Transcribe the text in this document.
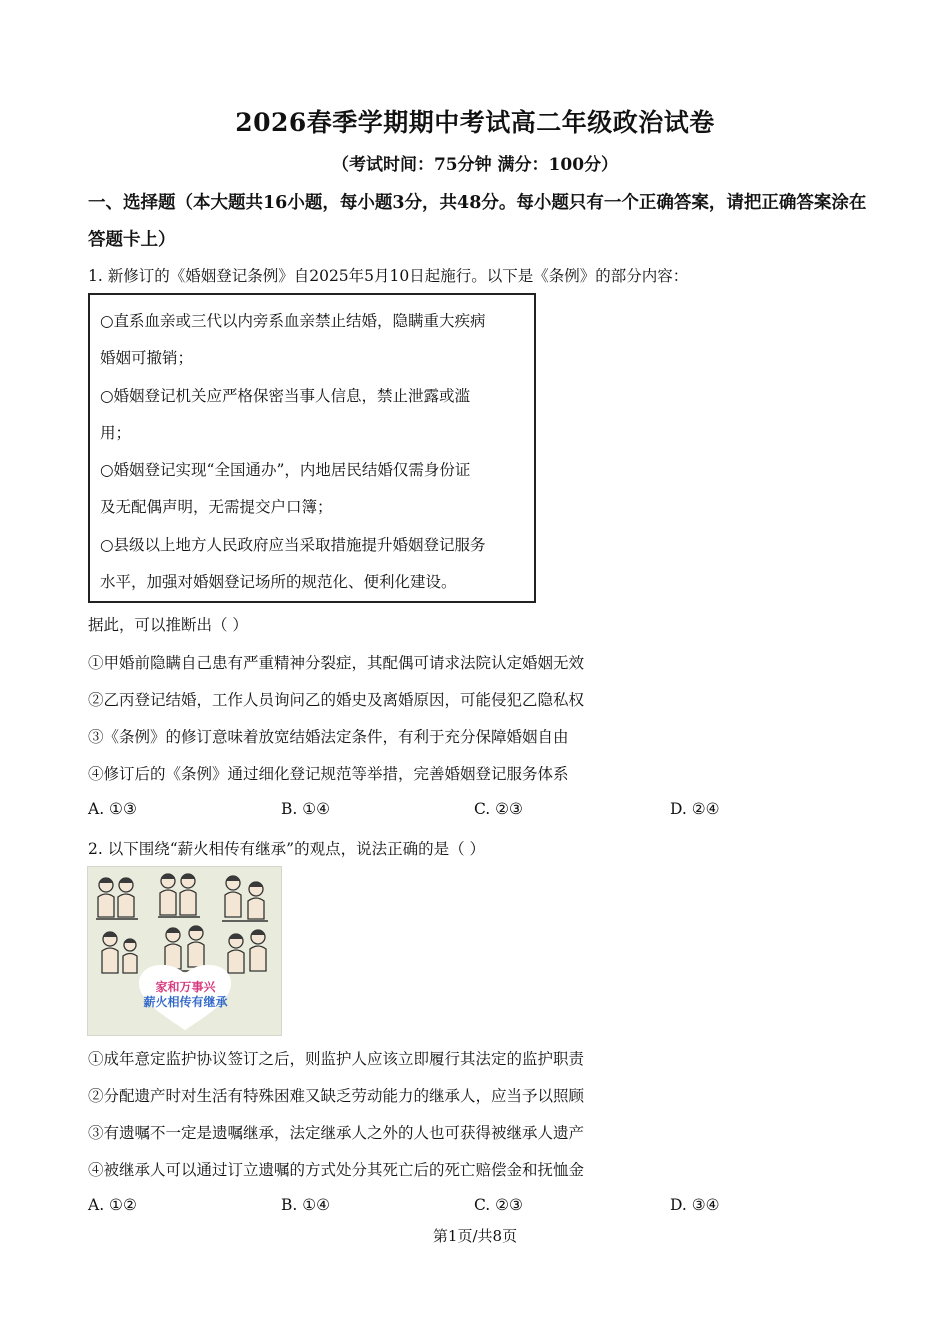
2026春季学期期中考试高二年级政治试卷
（考试时间：75分钟 满分：100分）
一、选择题（本大题共16小题，每小题3分，共48分。每小题只有一个正确答案，请把正确答案涂在答题卡上）
1. 新修订的《婚姻登记条例》自2025年5月10日起施行。以下是《条例》的部分内容：

○直系血亲或三代以内旁系血亲禁止结婚，隐瞒重大疾病

婚姻可撤销；

○婚姻登记机关应严格保密当事人信息，禁止泄露或滥

用；

○婚姻登记实现“全国通办”，内地居民结婚仅需身份证

及无配偶声明，无需提交户口簿；

○县级以上地方人民政府应当采取措施提升婚姻登记服务

水平，加强对婚姻登记场所的规范化、便利化建设。

据此，可以推断出（ ）
①甲婚前隐瞒自己患有严重精神分裂症，其配偶可请求法院认定婚姻无效
②乙丙登记结婚，工作人员询问乙的婚史及离婚原因，可能侵犯乙隐私权
③《条例》的修订意味着放宽结婚法定条件，有利于充分保障婚姻自由
④修订后的《条例》通过细化登记规范等举措，完善婚姻登记服务体系
A. ①③	B. ①④	C. ②③	D. ②④
2. 以下围绕“薪火相传有继承”的观点，说法正确的是（ ）
家和万事兴
薪火相传有继承
①成年意定监护协议签订之后，则监护人应该立即履行其法定的监护职责
②分配遗产时对生活有特殊困难又缺乏劳动能力的继承人，应当予以照顾
③有遗嘱不一定是遗嘱继承，法定继承人之外的人也可获得被继承人遗产
④被继承人可以通过订立遗嘱的方式处分其死亡后的死亡赔偿金和抚恤金
A. ①②	B. ①④	C. ②③	D. ③④
第1页/共8页
